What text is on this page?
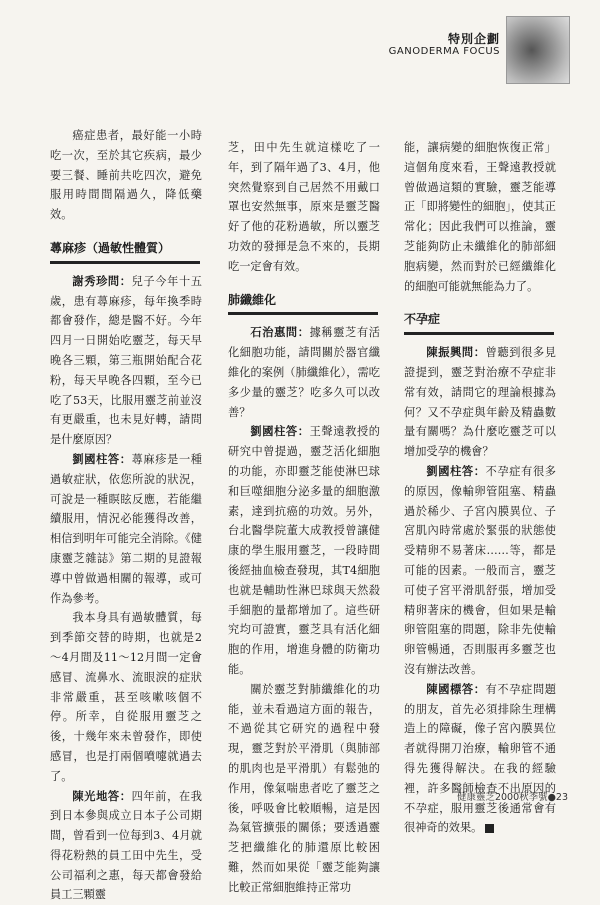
特別企劃
GANODERMA FOCUS

癌症患者，最好能一小時吃一次，至於其它疾病，最少要三餐、睡前共吃四次，避免服用時間間隔過久，降低藥效。

蕁麻疹（過敏性體質）

謝秀珍問：兒子今年十五歲，患有蕁麻疹，每年換季時都會發作，總是醫不好。今年四月一日開始吃靈芝，每天早晚各三顆，第三瓶開始配合花粉，每天早晚各四顆，至今已吃了53天，比服用靈芝前並沒有更嚴重，也未見好轉，請問是什麼原因？

劉國柱答：蕁麻疹是一種過敏症狀，依您所說的狀況，可說是一種瞑眩反應，若能繼續服用，情況必能獲得改善，相信到明年可能完全消除。《健康靈芝雜誌》第二期的見證報導中曾做過相關的報導，或可作為參考。

我本身具有過敏體質，每到季節交替的時期，也就是2～4月間及11～12月間一定會感冒、流鼻水、流眼淚的症狀非常嚴重，甚至咳嗽咳個不停。所幸，自從服用靈芝之後，十幾年來未曾發作，即使感冒，也是打兩個噴嚏就過去了。

陳光地答：四年前，在我到日本參與成立日本子公司期間，曾看到一位每到3、4月就得花粉熱的員工田中先生，受公司福利之惠，每天都會發給員工三顆靈

芝，田中先生就這樣吃了一年，到了隔年過了3、4月，他突然覺察到自己居然不用戴口罩也安然無事，原來是靈芝醫好了他的花粉過敏，所以靈芝功效的發揮是急不來的，長期吃一定會有效。

肺纖維化

石治惠問：據稱靈芝有活化細胞功能，請問關於器官纖維化的案例（肺纖維化），需吃多少量的靈芝？吃多久可以改善？

劉國柱答：王聲遠教授的研究中曾提過，靈芝活化細胞的功能，亦即靈芝能使淋巴球和巨噬細胞分泌多量的細胞激素，達到抗癌的功效。另外，台北醫學院董大成教授曾讓健康的學生服用靈芝，一段時間後經抽血檢查發現，其T4細胞也就是輔助性淋巴球與天然殺手細胞的量都增加了。這些研究均可證實，靈芝具有活化細胞的作用，增進身體的防衛功能。

關於靈芝對肺纖維化的功能，並未看過這方面的報告，不過從其它研究的過程中發現，靈芝對於平滑肌（與肺部的肌肉也是平滑肌）有鬆弛的作用，像氣喘患者吃了靈芝之後，呼吸會比較順暢，這是因為氣管擴張的關係；要透過靈芝把纖維化的肺還原比較困難，然而如果從「靈芝能夠讓比較正常細胞維持正常功

能，讓病變的細胞恢復正常」這個角度來看，王聲遠教授就曾做過這類的實驗，靈芝能導正「即將變性的細胞」，使其正常化；因此我們可以推論，靈芝能夠防止未纖維化的肺部細胞病變，然而對於已經纖維化的細胞可能就無能為力了。

不孕症

陳振興問：曾聽到很多見證提到，靈芝對治療不孕症非常有效，請問它的理論根據為何？又不孕症與年齡及精蟲數量有關嗎？為什麼吃靈芝可以增加受孕的機會？

劉國柱答：不孕症有很多的原因，像輸卵管阻塞、精蟲過於稀少、子宮內膜異位、子宮肌內時常處於緊張的狀態使受精卵不易著床……等，都是可能的因素。一般而言，靈芝可使子宮平滑肌舒張，增加受精卵著床的機會，但如果是輸卵管阻塞的問題，除非先使輸卵管暢通，否則服再多靈芝也沒有辦法改善。

陳國標答：有不孕症問題的朋友，首先必須排除生理構造上的障礙，像子宮內膜異位者就得開刀治療，輸卵管不通得先獲得解決。在我的經驗裡，許多醫師檢查不出原因的不孕症，服用靈芝後通常會有很神奇的效果。

健康靈芝2000秋季號●23
